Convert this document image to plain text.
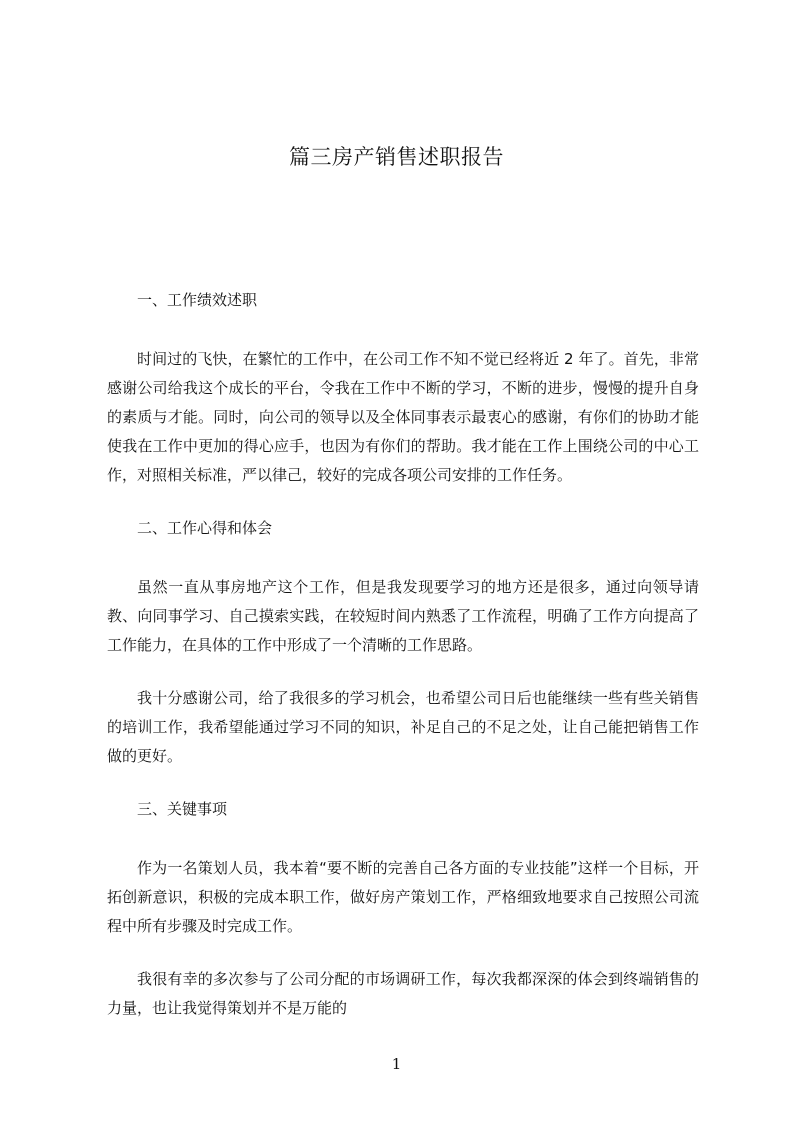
篇三房产销售述职报告

一、工作绩效述职

时间过的飞快，在繁忙的工作中，在公司工作不知不觉已经将近 2 年了。首先，非常感谢公司给我这个成长的平台，令我在工作中不断的学习，不断的进步，慢慢的提升自身的素质与才能。同时，向公司的领导以及全体同事表示最衷心的感谢，有你们的协助才能使我在工作中更加的得心应手，也因为有你们的帮助。我才能在工作上围绕公司的中心工作，对照相关标准，严以律己，较好的完成各项公司安排的工作任务。

二、工作心得和体会

虽然一直从事房地产这个工作，但是我发现要学习的地方还是很多，通过向领导请教、向同事学习、自己摸索实践，在较短时间内熟悉了工作流程，明确了工作方向提高了工作能力，在具体的工作中形成了一个清晰的工作思路。

我十分感谢公司，给了我很多的学习机会，也希望公司日后也能继续一些有些关销售的培训工作，我希望能通过学习不同的知识，补足自己的不足之处，让自己能把销售工作做的更好。

三、关键事项

作为一名策划人员，我本着“要不断的完善自己各方面的专业技能”这样一个目标，开拓创新意识，积极的完成本职工作，做好房产策划工作，严格细致地要求自己按照公司流程中所有步骤及时完成工作。

我很有幸的多次参与了公司分配的市场调研工作，每次我都深深的体会到终端销售的力量，也让我觉得策划并不是万能的

1
